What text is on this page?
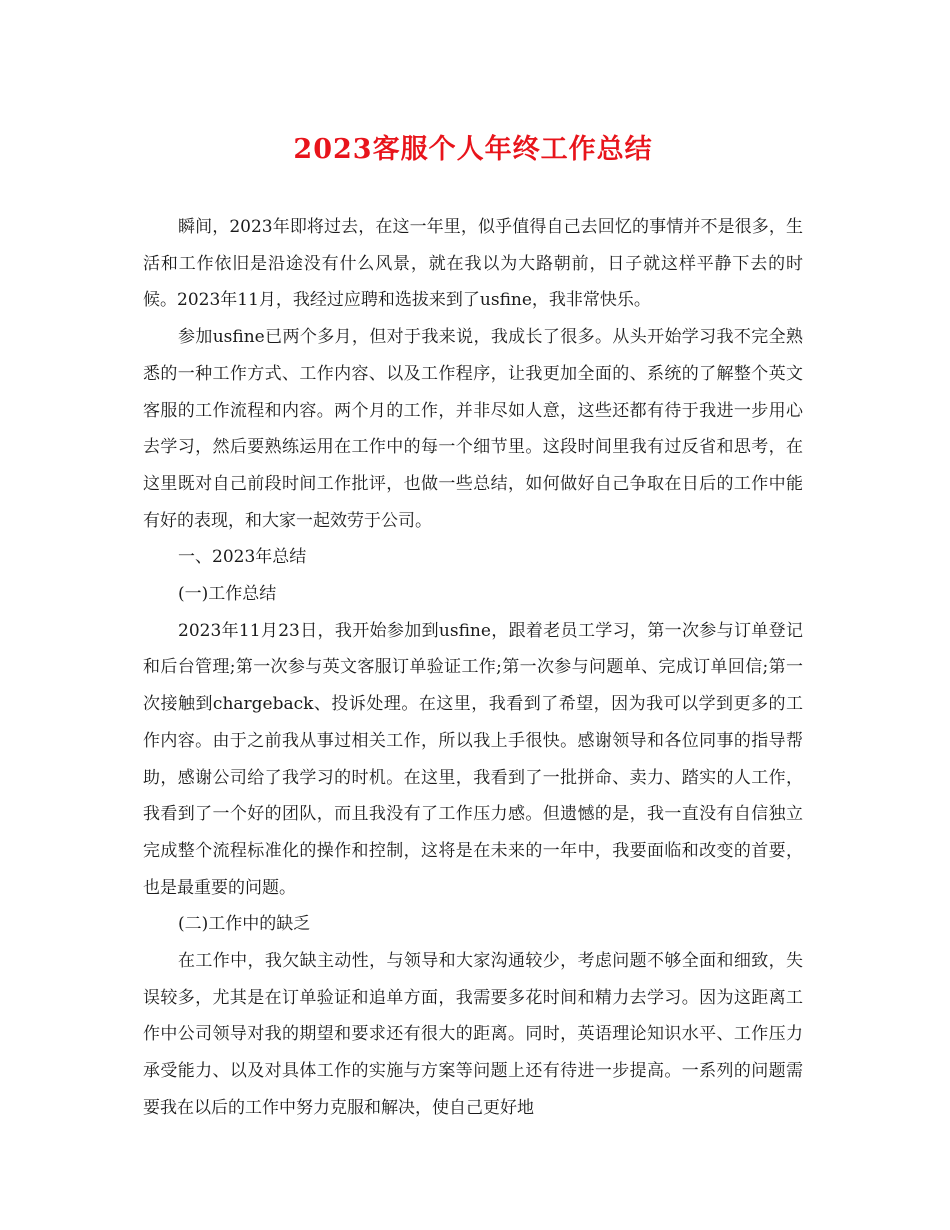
2023客服个人年终工作总结

瞬间，2023年即将过去，在这一年里，似乎值得自己去回忆的事情并不是很多，生活和工作依旧是沿途没有什么风景，就在我以为大路朝前，日子就这样平静下去的时候。2023年11月，我经过应聘和选拔来到了usfine，我非常快乐。

参加usfine已两个多月，但对于我来说，我成长了很多。从头开始学习我不完全熟悉的一种工作方式、工作内容、以及工作程序，让我更加全面的、系统的了解整个英文客服的工作流程和内容。两个月的工作，并非尽如人意，这些还都有待于我进一步用心去学习，然后要熟练运用在工作中的每一个细节里。这段时间里我有过反省和思考，在这里既对自己前段时间工作批评，也做一些总结，如何做好自己争取在日后的工作中能有好的表现，和大家一起效劳于公司。

一、2023年总结

(一)工作总结

2023年11月23日，我开始参加到usfine，跟着老员工学习，第一次参与订单登记和后台管理;第一次参与英文客服订单验证工作;第一次参与问题单、完成订单回信;第一次接触到chargeback、投诉处理。在这里，我看到了希望，因为我可以学到更多的工作内容。由于之前我从事过相关工作，所以我上手很快。感谢领导和各位同事的指导帮助，感谢公司给了我学习的时机。在这里，我看到了一批拼命、卖力、踏实的人工作，我看到了一个好的团队，而且我没有了工作压力感。但遗憾的是，我一直没有自信独立完成整个流程标准化的操作和控制，这将是在未来的一年中，我要面临和改变的首要，也是最重要的问题。

(二)工作中的缺乏

在工作中，我欠缺主动性，与领导和大家沟通较少，考虑问题不够全面和细致，失误较多，尤其是在订单验证和追单方面，我需要多花时间和精力去学习。因为这距离工作中公司领导对我的期望和要求还有很大的距离。同时，英语理论知识水平、工作压力承受能力、以及对具体工作的实施与方案等问题上还有待进一步提高。一系列的问题需要我在以后的工作中努力克服和解决，使自己更好地
